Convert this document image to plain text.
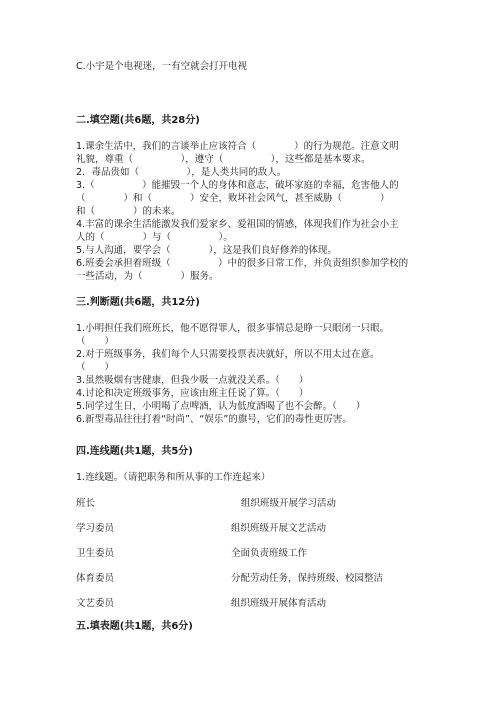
C.小宇是个电视迷，一有空就会打开电视
二.填空题(共6题，共28分)
1.课余生活中，我们的言谈举止应该符合（　　　　）的行为规范。注意文明
礼貌，尊重（　　　　　），遵守（　　　　　），这些都是基本要求。
2．毒品贵如（　　　　　），是人类共同的敌人。
3.（　　　　　）能摧毁一个人的身体和意志，破坏家庭的幸福，危害他人的
（　　　　）和（　　　　）安全，败坏社会风气，甚至威胁（　　　　）
和（　　　　）的未来。
4.丰富的课余生活能激发我们爱家乡、爱祖国的情感，体现我们作为社会小主
人的（　　　　）与（　　　　　）。
5.与人沟通，要学会（　　　　），这是我们良好修养的体现。
6.班委会承担着班级（　　　　　）中的很多日常工作，并负责组织参加学校的
一些活动，为（　　　　）服务。
三.判断题(共6题，共12分)
1.小明担任我们班班长，他不愿得罪人，很多事情总是睁一只眼闭一只眼。
（　　）
2.对于班级事务，我们每个人只需要投票表决就好，所以不用太过在意。
（　　）
3.虽然吸烟有害健康，但我少吸一点就没关系。（　　）
4.讨论和决定班级事务，应该由班主任说了算。（　　）
5.同学过生日，小明喝了点啤酒，认为低度酒喝了也不会醉。（　　）
6.新型毒品往往打着“时尚”、“娱乐”的旗号，它们的毒性更厉害。
四.连线题(共1题，共5分)
1.连线题。（请把职务和所从事的工作连起来）
班长	组织班级开展学习活动
学习委员	组织班级开展文艺活动
卫生委员	全面负责班级工作
体育委员	分配劳动任务，保持班级、校园整洁
文艺委员	组织班级开展体育活动
五.填表题(共1题，共6分)
